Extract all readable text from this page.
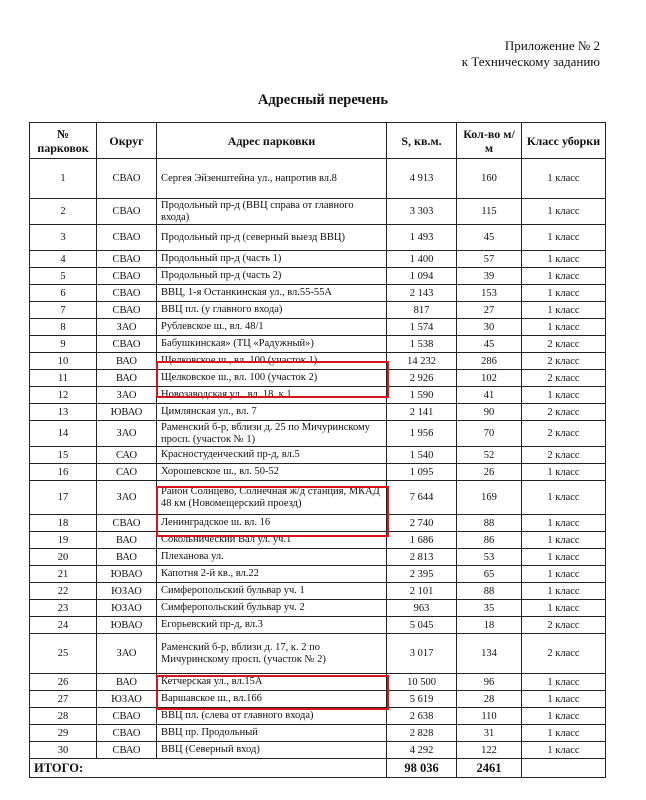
Приложение № 2
к Техническому заданию
Адресный перечень
№ парковок	Округ	Адрес парковки	S, кв.м.	Кол-во м/м	Класс уборки
1	СВАО	Сергея Эйзенштейна ул., напротив вл.8	4 913	160	1 класс
2	СВАО	Продольный пр-д (ВВЦ справа от главного входа)	3 303	115	1 класс
3	СВАО	Продольный пр-д (северный выезд ВВЦ)	1 493	45	1 класс
4	СВАО	Продольный пр-д (часть 1)	1 400	57	1 класс
5	СВАО	Продольный пр-д (часть 2)	1 094	39	1 класс
6	СВАО	ВВЦ, 1-я Останкинская ул., вл.55-55А	2 143	153	1 класс
7	СВАО	ВВЦ пл. (у главного входа)	817	27	1 класс
8	ЗАО	Рублевское ш., вл. 48/1	1 574	30	1 класс
9	СВАО	Бабушкинская» (ТЦ «Радужный»)	1 538	45	2 класс
10	ВАО	Щелковское ш., вл. 100 (участок 1)	14 232	286	2 класс
11	ВАО	Щелковское ш., вл. 100 (участок 2)	2 926	102	2 класс
12	ЗАО	Новозаводская ул., вл. 18, к.1	1 590	41	1 класс
13	ЮВАО	Цимлянская ул., вл. 7	2 141	90	2 класс
14	ЗАО	Раменский б-р, вблизи д. 25 по Мичуринскому просп. (участок № 1)	1 956	70	2 класс
15	САО	Красностуденческий пр-д, вл.5	1 540	52	2 класс
16	САО	Хорошевское ш., вл. 50-52	1 095	26	1 класс
17	ЗАО	Район Солнцево, Солнечная ж/д станция, МКАД 48 км (Новомещерский проезд)	7 644	169	1 класс
18	СВАО	Ленинградское ш. вл. 16	2 740	88	1 класс
19	ВАО	Сокольнический Вал ул. уч.1	1 686	86	1 класс
20	ВАО	Плеханова ул.	2 813	53	1 класс
21	ЮВАО	Капотня 2-й кв., вл.22	2 395	65	1 класс
22	ЮЗАО	Симферопольский бульвар уч. 1	2 101	88	1 класс
23	ЮЗАО	Симферопольский бульвар уч. 2	963	35	1 класс
24	ЮВАО	Егорьевский пр-д, вл.3	5 045	18	2 класс
25	ЗАО	Раменский б-р, вблизи д. 17, к. 2 по Мичуринскому просп. (участок № 2)	3 017	134	2 класс
26	ВАО	Кетчерская ул., вл.15А	10 500	96	1 класс
27	ЮЗАО	Варшавское ш., вл.166	5 619	28	1 класс
28	СВАО	ВВЦ пл. (слева от главного входа)	2 638	110	1 класс
29	СВАО	ВВЦ пр. Продольный	2 828	31	1 класс
30	СВАО	ВВЦ (Северный вход)	4 292	122	1 класс
ИТОГО:			98 036	2461	
